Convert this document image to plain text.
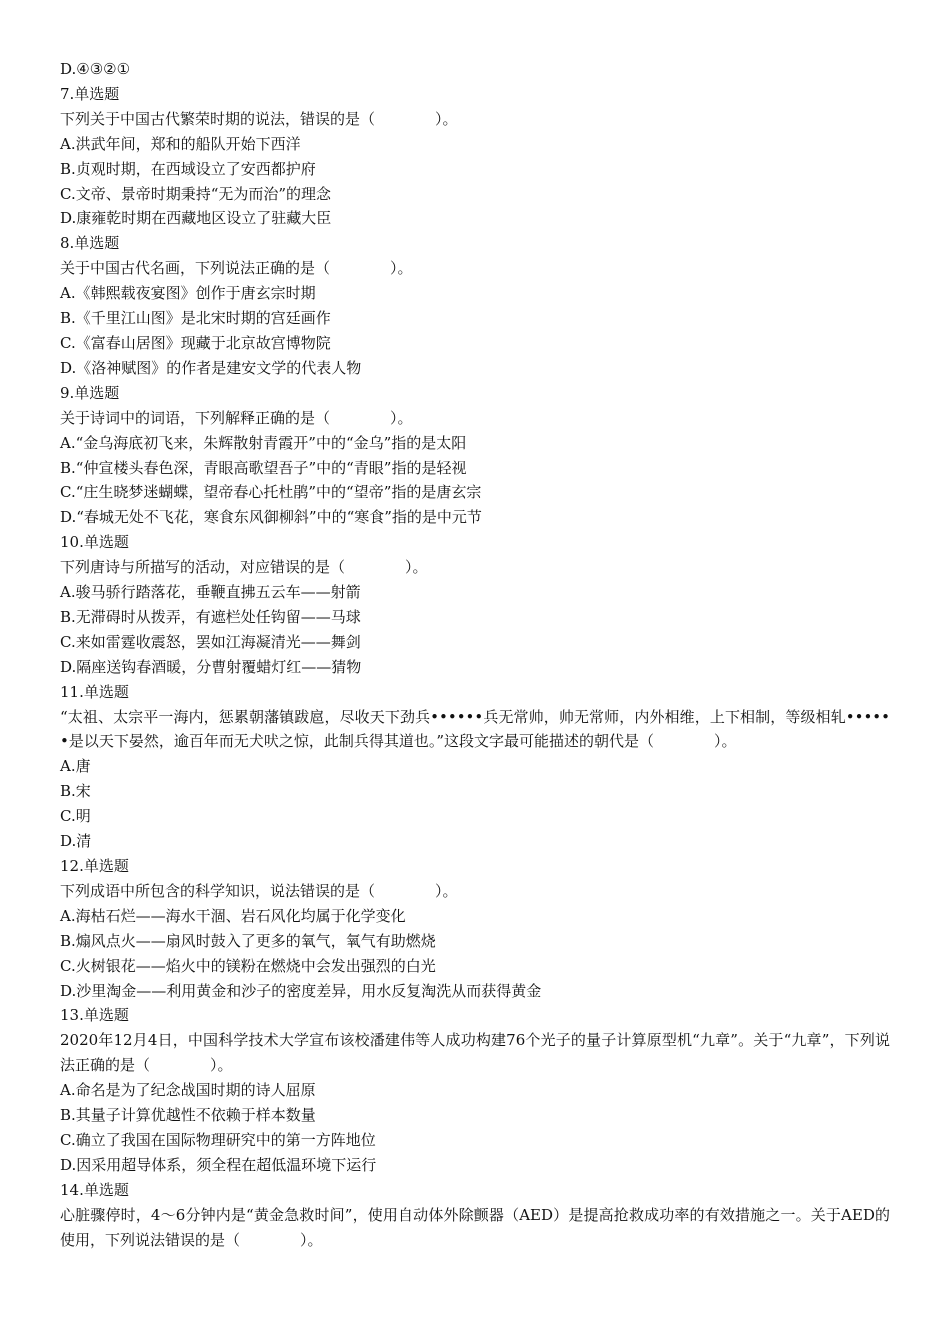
D.④③②①

7.单选题

下列关于中国古代繁荣时期的说法，错误的是（　　　　）。

A.洪武年间，郑和的船队开始下西洋

B.贞观时期，在西域设立了安西都护府

C.文帝、景帝时期秉持“无为而治”的理念

D.康雍乾时期在西藏地区设立了驻藏大臣

8.单选题

关于中国古代名画，下列说法正确的是（　　　　）。

A.《韩熙载夜宴图》创作于唐玄宗时期

B.《千里江山图》是北宋时期的宫廷画作

C.《富春山居图》现藏于北京故宫博物院

D.《洛神赋图》的作者是建安文学的代表人物

9.单选题

关于诗词中的词语，下列解释正确的是（　　　　）。

A.“金乌海底初飞来，朱辉散射青霞开”中的“金乌”指的是太阳

B.“仲宣楼头春色深，青眼高歌望吾子”中的“青眼”指的是轻视

C.“庄生晓梦迷蝴蝶，望帝春心托杜鹃”中的“望帝”指的是唐玄宗

D.“春城无处不飞花，寒食东风御柳斜”中的“寒食”指的是中元节

10.单选题

下列唐诗与所描写的活动，对应错误的是（　　　　）。

A.骏马骄行踏落花，垂鞭直拂五云车——射箭

B.无滞碍时从拨弄，有遮栏处任钩留——马球

C.来如雷霆收震怒，罢如江海凝清光——舞剑

D.隔座送钩春酒暖，分曹射覆蜡灯红——猜物

11.单选题

“太祖、太宗平一海内，惩累朝藩镇跋扈，尽收天下劲兵••••••兵无常帅，帅无常师，内外相维，上下相制，等级相轧••••••是以天下晏然，逾百年而无犬吠之惊，此制兵得其道也。”这段文字最可能描述的朝代是（　　　　）。

A.唐

B.宋

C.明

D.清

12.单选题

下列成语中所包含的科学知识，说法错误的是（　　　　）。

A.海枯石烂——海水干涸、岩石风化均属于化学变化

B.煽风点火——扇风时鼓入了更多的氧气，氧气有助燃烧

C.火树银花——焰火中的镁粉在燃烧中会发出强烈的白光

D.沙里淘金——利用黄金和沙子的密度差异，用水反复淘洗从而获得黄金

13.单选题

2020年12月4日，中国科学技术大学宣布该校潘建伟等人成功构建76个光子的量子计算原型机“九章”。关于“九章”，下列说法正确的是（　　　　）。

A.命名是为了纪念战国时期的诗人屈原

B.其量子计算优越性不依赖于样本数量

C.确立了我国在国际物理研究中的第一方阵地位

D.因采用超导体系，须全程在超低温环境下运行

14.单选题

心脏骤停时，4～6分钟内是“黄金急救时间”，使用自动体外除颤器（AED）是提高抢救成功率的有效措施之一。关于AED的使用，下列说法错误的是（　　　　）。
